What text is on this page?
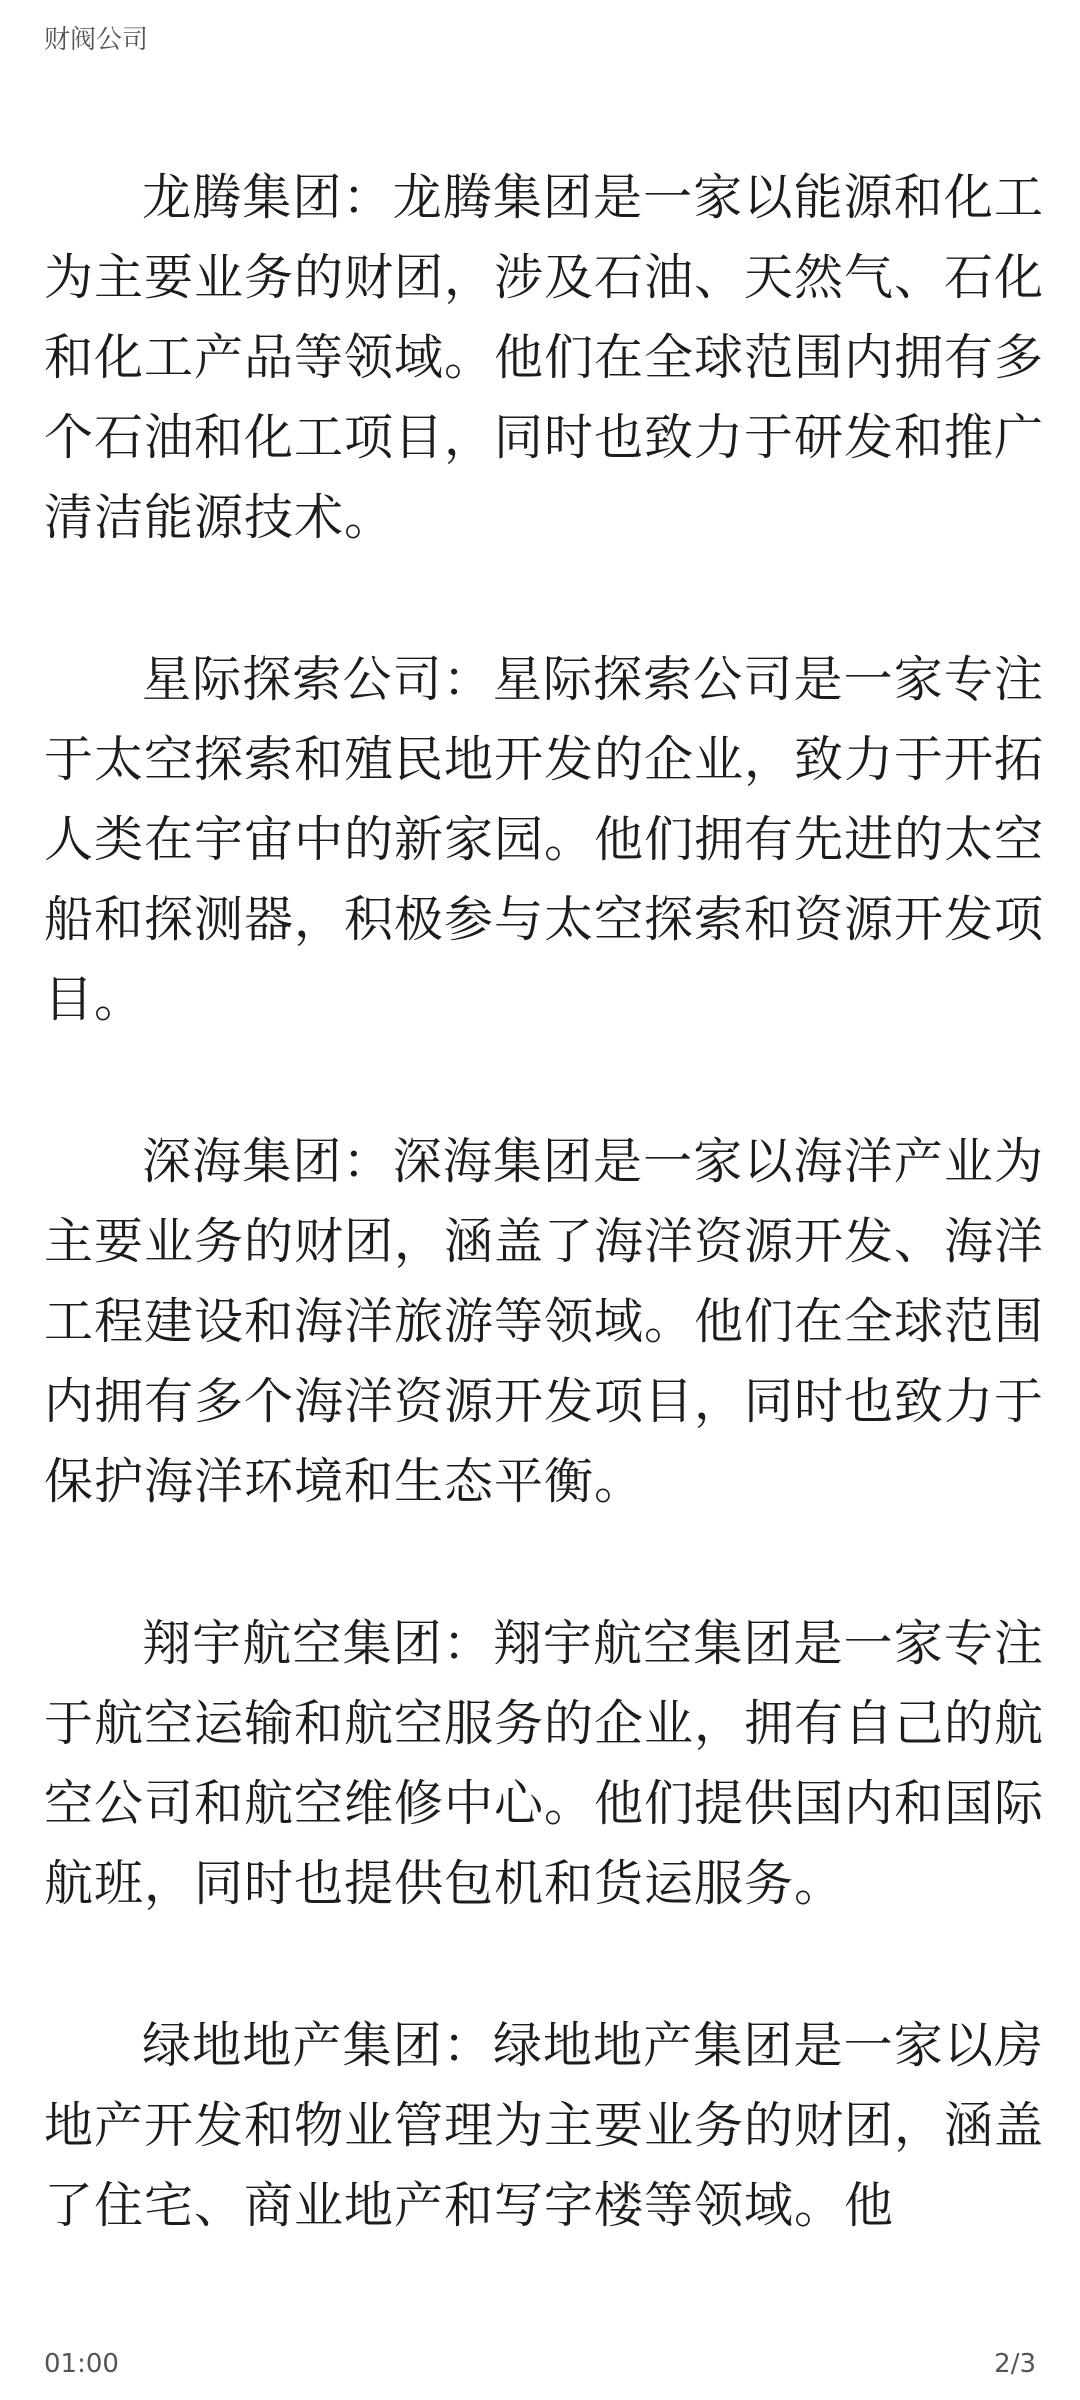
财阀公司

龙腾集团：龙腾集团是一家以能源和化工为主要业务的财团，涉及石油、天然气、石化和化工产品等领域。他们在全球范围内拥有多个石油和化工项目，同时也致力于研发和推广清洁能源技术。

星际探索公司：星际探索公司是一家专注于太空探索和殖民地开发的企业，致力于开拓人类在宇宙中的新家园。他们拥有先进的太空船和探测器，积极参与太空探索和资源开发项目。

深海集团：深海集团是一家以海洋产业为主要业务的财团，涵盖了海洋资源开发、海洋工程建设和海洋旅游等领域。他们在全球范围内拥有多个海洋资源开发项目，同时也致力于保护海洋环境和生态平衡。

翔宇航空集团：翔宇航空集团是一家专注于航空运输和航空服务的企业，拥有自己的航空公司和航空维修中心。他们提供国内和国际航班，同时也提供包机和货运服务。

绿地地产集团：绿地地产集团是一家以房地产开发和物业管理为主要业务的财团，涵盖了住宅、商业地产和写字楼等领域。他

01:00	2/3
